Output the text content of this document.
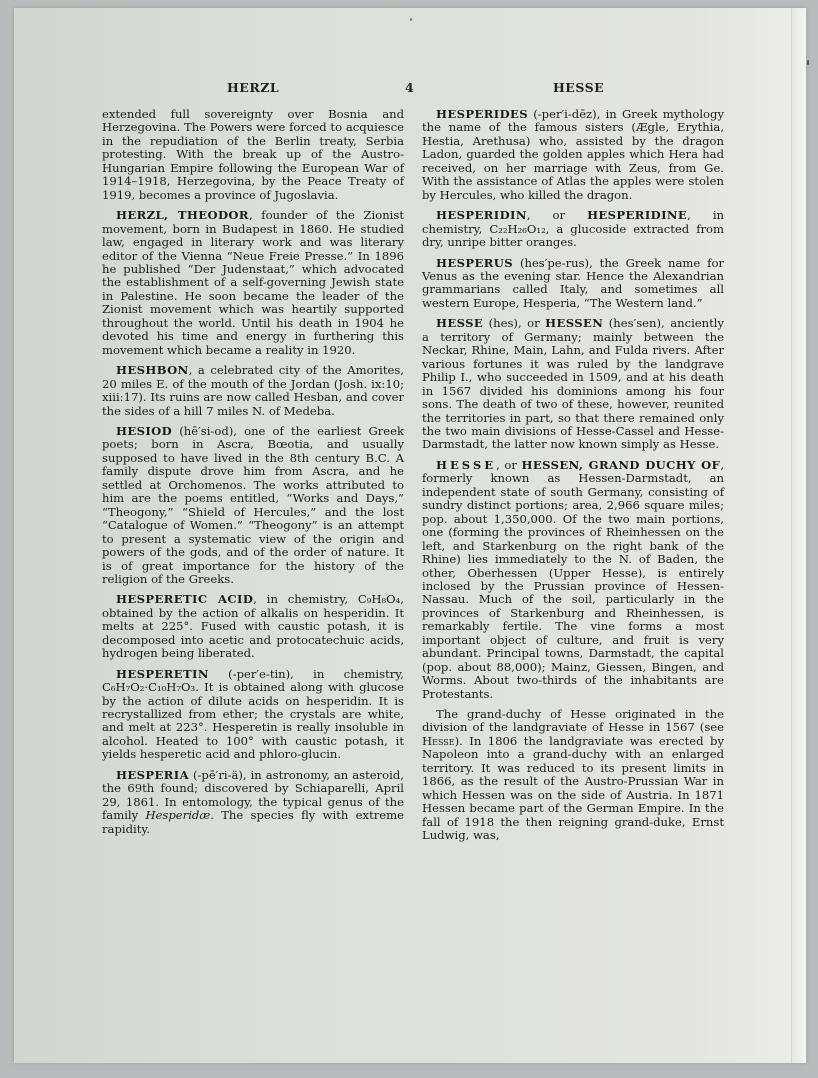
HERZL	4	HESSE

extended full sovereignty over Bosnia and Herzegovina. The Powers were forced to acquiesce in the repudiation of the Berlin treaty, Serbia protesting. With the break up of the Austro-Hungarian Empire following the European War of 1914–1918, Herzegovina, by the Peace Treaty of 1919, becomes a province of Jugoslavia.

HERZL, THEODOR, founder of the Zionist movement, born in Budapest in 1860. He studied law, engaged in literary work and was literary editor of the Vienna “Neue Freie Presse.” In 1896 he published “Der Judenstaat,” which advocated the establishment of a self-governing Jewish state in Palestine. He soon became the leader of the Zionist movement which was heartily supported throughout the world. Until his death in 1904 he devoted his time and energy in furthering this movement which became a reality in 1920.

HESHBON, a celebrated city of the Amorites, 20 miles E. of the mouth of the Jordan (Josh. ix:10; xiii:17). Its ruins are now called Hesban, and cover the sides of a hill 7 miles N. of Medeba.

HESIOD (hē′si-od), one of the earliest Greek poets; born in Ascra, Bœotia, and usually supposed to have lived in the 8th century B.C. A family dispute drove him from Ascra, and he settled at Orchomenos. The works attributed to him are the poems entitled, “Works and Days,” “Theogony,” “Shield of Hercules,” and the lost “Catalogue of Women.” “Theogony” is an attempt to present a systematic view of the origin and powers of the gods, and of the order of nature. It is of great importance for the history of the religion of the Greeks.

HESPERETIC ACID, in chemistry, C₉H₈O₄, obtained by the action of alkalis on hesperidin. It melts at 225°. Fused with caustic potash, it is decomposed into acetic and protocatechuic acids, hydrogen being liberated.

HESPERETIN (-per′e-tin), in chemistry, C₆H₇O₂·C₁₀H₇O₃. It is obtained along with glucose by the action of dilute acids on hesperidin. It is recrystallized from ether; the crystals are white, and melt at 223°. Hesperetin is really insoluble in alcohol. Heated to 100° with caustic potash, it yields hesperetic acid and phloro-glucin.

HESPERIA (-pē′ri-ä), in astronomy, an asteroid, the 69th found; discovered by Schiaparelli, April 29, 1861. In entomology, the typical genus of the family Hesperidæ. The species fly with extreme rapidity.

HESPERIDES (-per′i-dēz), in Greek mythology the name of the famous sisters (Ægle, Erythia, Hestia, Arethusa) who, assisted by the dragon Ladon, guarded the golden apples which Hera had received, on her marriage with Zeus, from Ge. With the assistance of Atlas the apples were stolen by Hercules, who killed the dragon.

HESPERIDIN, or HESPERIDINE, in chemistry, C₂₂H₂₆O₁₂, a glucoside extracted from dry, unripe bitter oranges.

HESPERUS (hes′pe-rus), the Greek name for Venus as the evening star. Hence the Alexandrian grammarians called Italy, and sometimes all western Europe, Hesperia, “The Western land.”

HESSE (hes), or HESSEN (hes′sen), anciently a territory of Germany; mainly between the Neckar, Rhine, Main, Lahn, and Fulda rivers. After various fortunes it was ruled by the landgrave Philip I., who succeeded in 1509, and at his death in 1567 divided his dominions among his four sons. The death of two of these, however, reunited the territories in part, so that there remained only the two main divisions of Hesse-Cassel and Hesse-Darmstadt, the latter now known simply as Hesse.

HESSE, or HESSEN, GRAND DUCHY OF, formerly known as Hessen-Darmstadt, an independent state of south Germany, consisting of sundry distinct portions; area, 2,966 square miles; pop. about 1,350,000. Of the two main portions, one (forming the provinces of Rheinhessen on the left, and Starkenburg on the right bank of the Rhine) lies immediately to the N. of Baden, the other, Oberhessen (Upper Hesse), is entirely inclosed by the Prussian province of Hessen-Nassau. Much of the soil, particularly in the provinces of Starkenburg and Rheinhessen, is remarkably fertile. The vine forms a most important object of culture, and fruit is very abundant. Principal towns, Darmstadt, the capital (pop. about 88,000); Mainz, Giessen, Bingen, and Worms. About two-thirds of the inhabitants are Protestants.

The grand-duchy of Hesse originated in the division of the landgraviate of Hesse in 1567 (see Hesse). In 1806 the landgraviate was erected by Napoleon into a grand-duchy with an enlarged territory. It was reduced to its present limits in 1866, as the result of the Austro-Prussian War in which Hessen was on the side of Austria. In 1871 Hessen became part of the German Empire. In the fall of 1918 the then reigning grand-duke, Ernst Ludwig, was,
